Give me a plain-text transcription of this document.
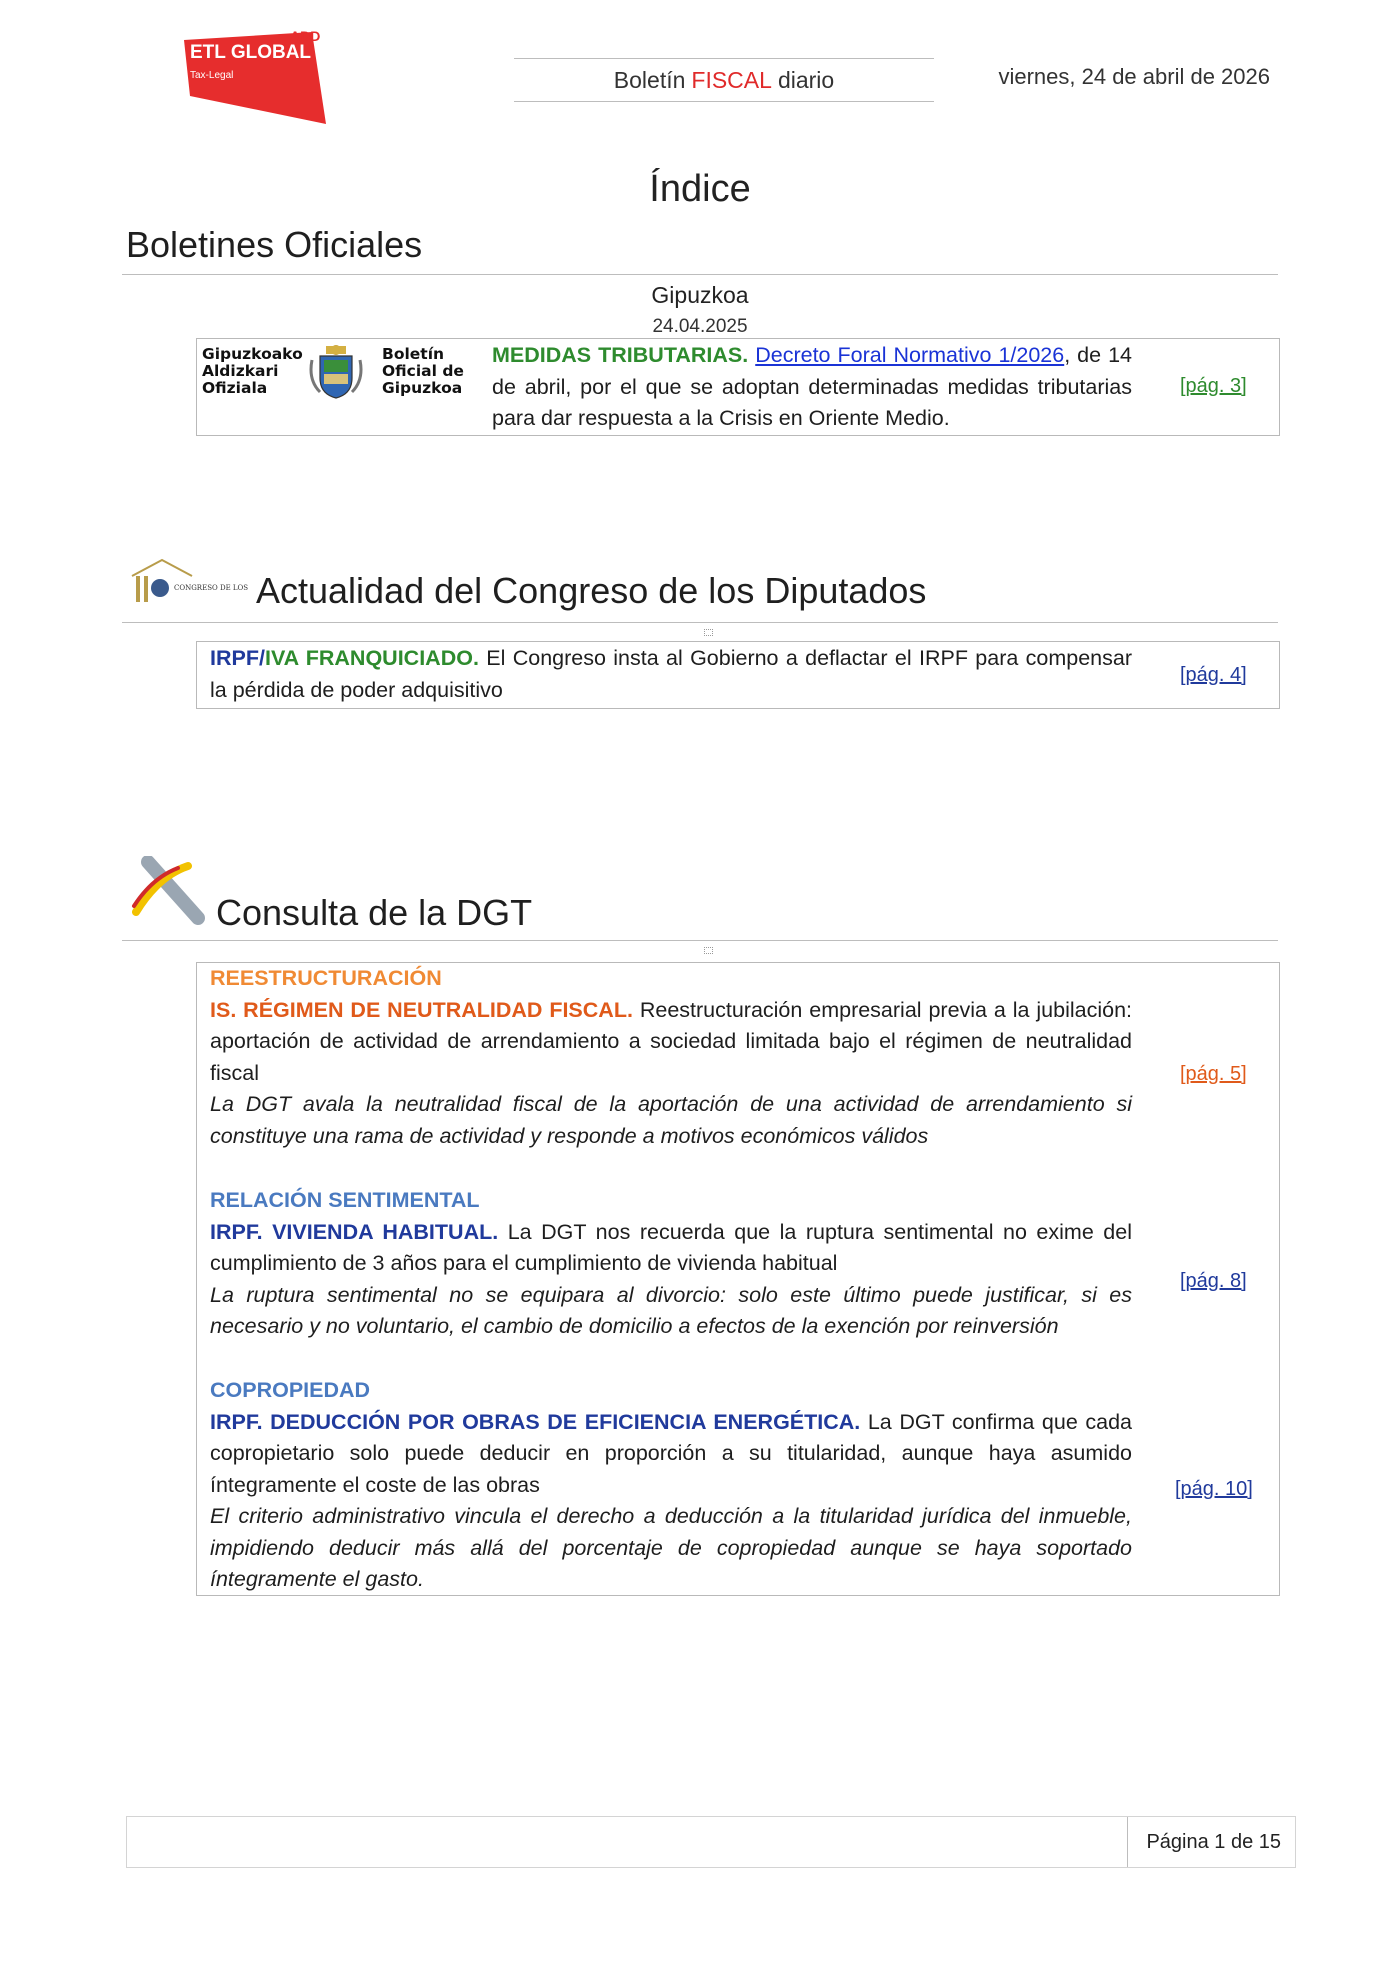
ETL GLOBAL
Tax-Legal
ADD
Boletín FISCAL diario	viernes, 24 de abril de 2026
Índice
Boletines Oficiales
Gipuzkoa
24.04.2025
Gipuzkoako
Aldizkari
Ofiziala
Boletín
Oficial de
Gipuzkoa

MEDIDAS TRIBUTARIAS. Decreto Foral Normativo 1/2026, de 14 de abril, por el que se adoptan determinadas medidas tributarias para dar respuesta a la Crisis en Oriente Medio.

[pág. 3]
CONGRESO DE LOS Actualidad del Congreso de los Diputados

IRPF/IVA FRANQUICIADO. El Congreso insta al Gobierno a deflactar el IRPF para compensar la pérdida de poder adquisitivo

[pág. 4]
Consulta de la DGT

REESTRUCTURACIÓN

IS. RÉGIMEN DE NEUTRALIDAD FISCAL. Reestructuración empresarial previa a la jubilación: aportación de actividad de arrendamiento a sociedad limitada bajo el régimen de neutralidad fiscal

La DGT avala la neutralidad fiscal de la aportación de una actividad de arrendamiento si constituye una rama de actividad y responde a motivos económicos válidos

[pág. 5]

RELACIÓN SENTIMENTAL

IRPF. VIVIENDA HABITUAL. La DGT nos recuerda que la ruptura sentimental no exime del cumplimiento de 3 años para el cumplimiento de vivienda habitual

La ruptura sentimental no se equipara al divorcio: solo este último puede justificar, si es necesario y no voluntario, el cambio de domicilio a efectos de la exención por reinversión

[pág. 8]

COPROPIEDAD

IRPF. DEDUCCIÓN POR OBRAS DE EFICIENCIA ENERGÉTICA. La DGT confirma que cada copropietario solo puede deducir en proporción a su titularidad, aunque haya asumido íntegramente el coste de las obras

El criterio administrativo vincula el derecho a deducción a la titularidad jurídica del inmueble, impidiendo deducir más allá del porcentaje de copropiedad aunque se haya soportado íntegramente el gasto.

[pág. 10]
Página 1 de 15
